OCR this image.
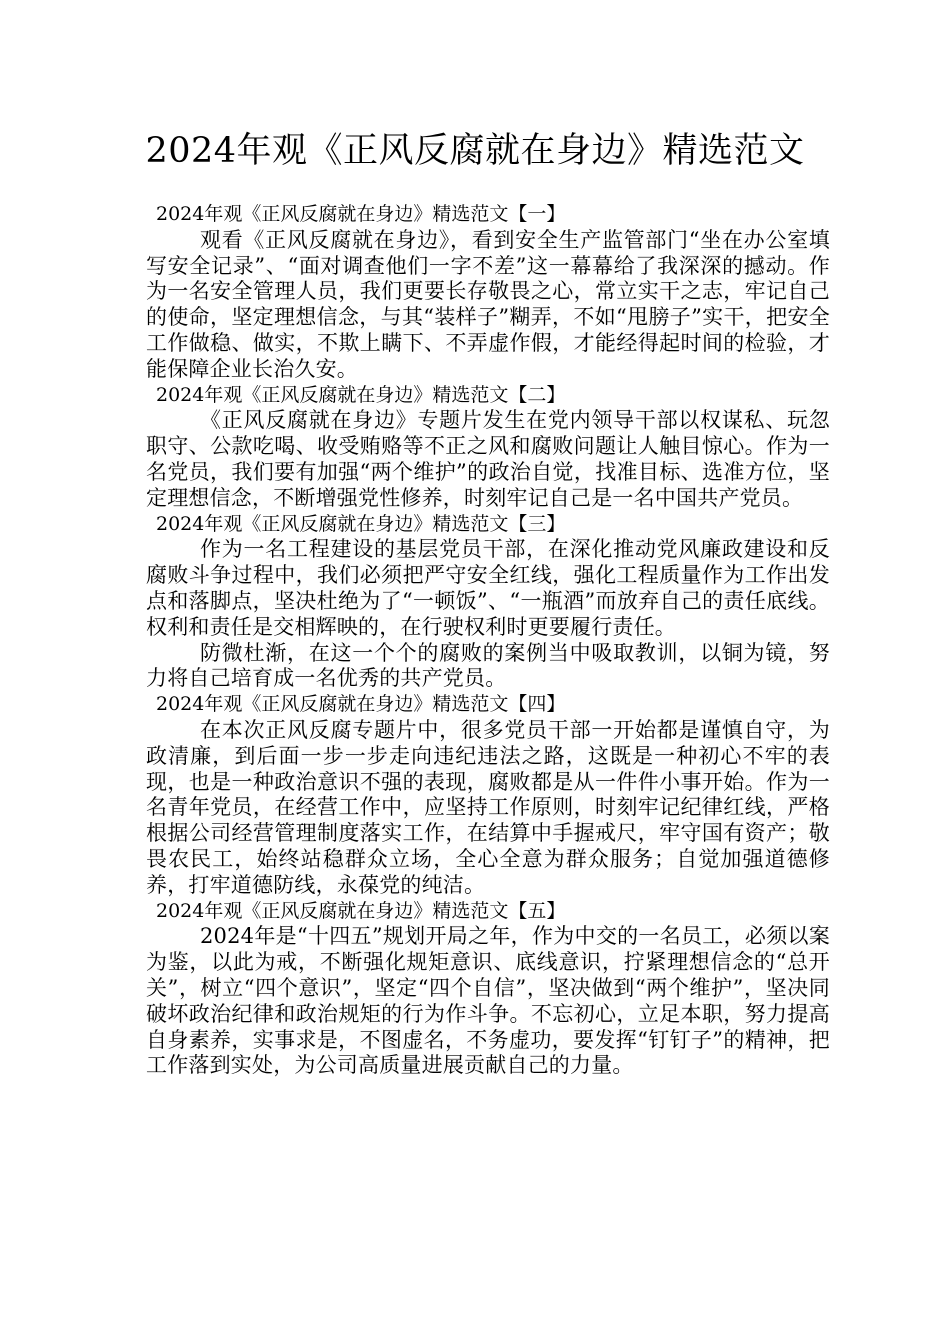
2024年观《正风反腐就在身边》精选范文
2024年观《正风反腐就在身边》精选范文【一】

观看《正风反腐就在身边》，看到安全生产监管部门“坐在办公室填写安全记录”、“面对调查他们一字不差”这一幕幕给了我深深的撼动。作为一名安全管理人员，我们更要长存敬畏之心，常立实干之志，牢记自己的使命，坚定理想信念，与其“装样子”糊弄，不如“甩膀子”实干，把安全工作做稳、做实，不欺上瞒下、不弄虚作假，才能经得起时间的检验，才能保障企业长治久安。

2024年观《正风反腐就在身边》精选范文【二】

《正风反腐就在身边》专题片发生在党内领导干部以权谋私、玩忽职守、公款吃喝、收受贿赂等不正之风和腐败问题让人触目惊心。作为一名党员，我们要有加强“两个维护”的政治自觉，找准目标、选准方位，坚定理想信念，不断增强党性修养，时刻牢记自己是一名中国共产党员。

2024年观《正风反腐就在身边》精选范文【三】

作为一名工程建设的基层党员干部，在深化推动党风廉政建设和反腐败斗争过程中，我们必须把严守安全红线，强化工程质量作为工作出发点和落脚点，坚决杜绝为了“一顿饭”、“一瓶酒”而放弃自己的责任底线。权利和责任是交相辉映的，在行驶权利时更要履行责任。

防微杜渐，在这一个个的腐败的案例当中吸取教训，以铜为镜，努力将自己培育成一名优秀的共产党员。

2024年观《正风反腐就在身边》精选范文【四】

在本次正风反腐专题片中，很多党员干部一开始都是谨慎自守，为政清廉，到后面一步一步走向违纪违法之路，这既是一种初心不牢的表现，也是一种政治意识不强的表现，腐败都是从一件件小事开始。作为一名青年党员，在经营工作中，应坚持工作原则，时刻牢记纪律红线，严格根据公司经营管理制度落实工作，在结算中手握戒尺，牢守国有资产；敬畏农民工，始终站稳群众立场，全心全意为群众服务；自觉加强道德修养，打牢道德防线，永葆党的纯洁。

2024年观《正风反腐就在身边》精选范文【五】

2024年是“十四五”规划开局之年，作为中交的一名员工，必须以案为鉴，以此为戒，不断强化规矩意识、底线意识，拧紧理想信念的“总开关”，树立“四个意识”，坚定“四个自信”，坚决做到“两个维护”，坚决同破坏政治纪律和政治规矩的行为作斗争。不忘初心，立足本职，努力提高自身素养，实事求是，不图虚名，不务虚功，要发挥“钉钉子”的精神，把工作落到实处，为公司高质量进展贡献自己的力量。
